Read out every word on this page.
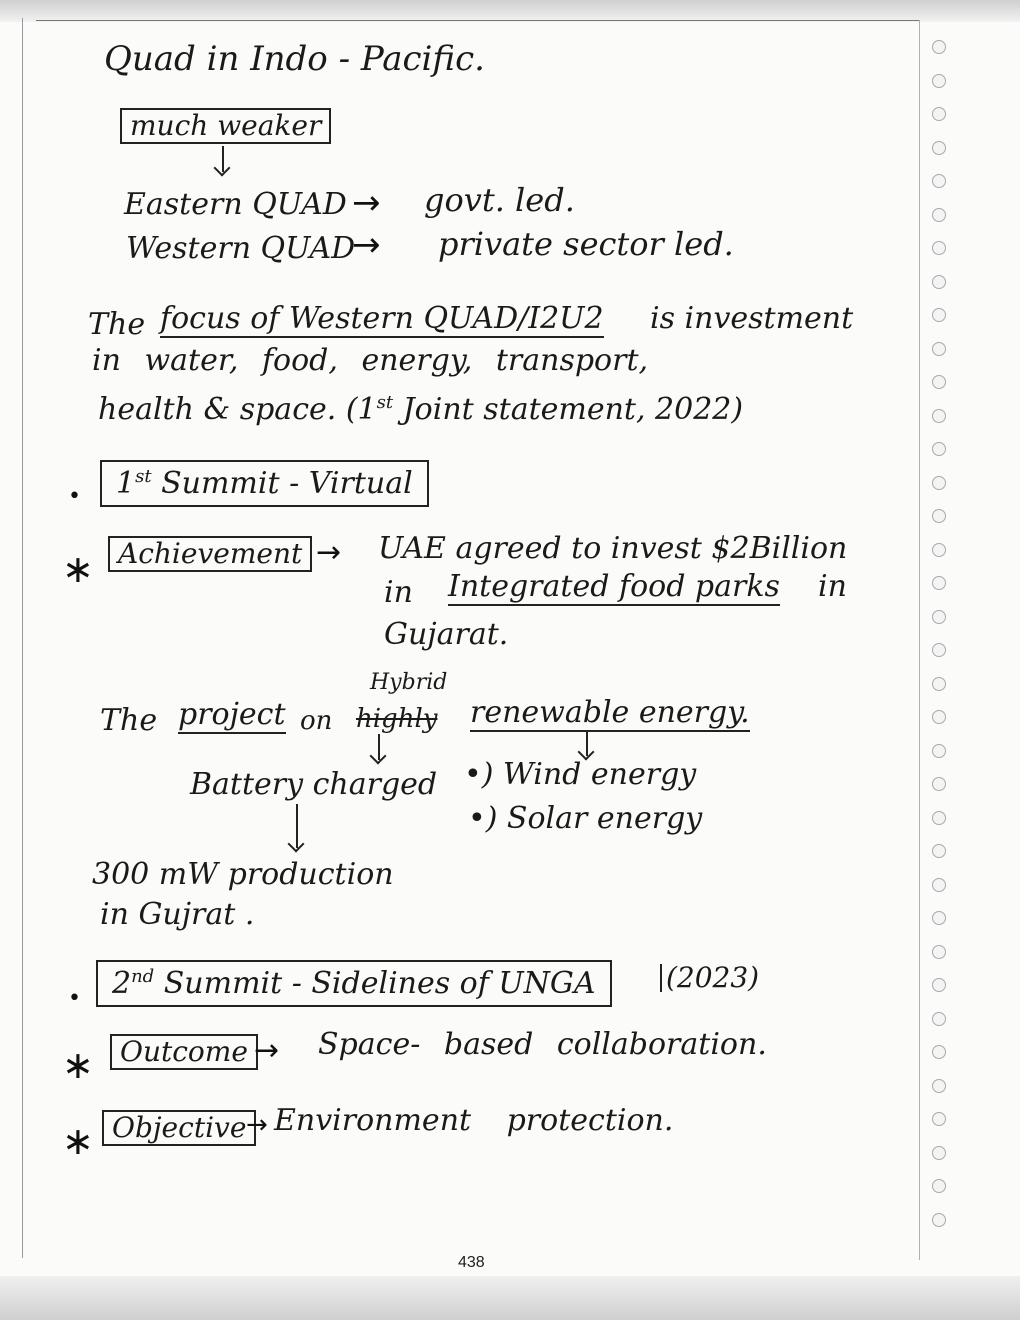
Quad in Indo - Pacific.
much weaker
Eastern QUAD → govt. led.
Western QUAD
→ private sector led.
The focus of Western QUAD/I2U2 is investment
in water, food, energy, transport,
health & space. (1st Joint statement, 2022)
•	1st Summit - Virtual
∗ Achievement → UAE agreed to invest $2Billion
in Integrated food parks in
Gujarat.
Hybrid
The project on highly renewable energy.
Battery charged •) Wind energy
•) Solar energy
300 mW production
in Gujrat .
•	2nd Summit - Sidelines of UNGA	(2023)
∗ Outcome → Space- based collaboration.
∗ Objective → Environment protection.
438
